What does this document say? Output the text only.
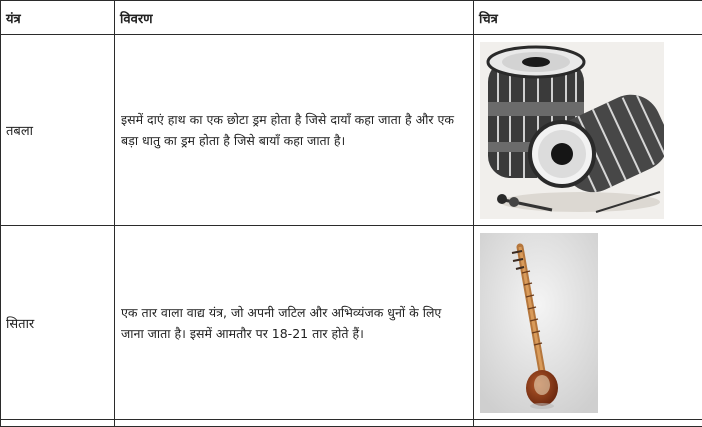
यंत्र	विवरण	चित्र
तबला	इसमें दाएं हाथ का एक छोटा ड्रम होता है जिसे दायाँ कहा जाता है और एक बड़ा धातु का ड्रम होता है जिसे बायाँ कहा जाता है।	

सितार	एक तार वाला वाद्य यंत्र, जो अपनी जटिल और अभिव्यंजक धुनों के लिए जाना जाता है। इसमें आमतौर पर 18-21 तार होते हैं।	
